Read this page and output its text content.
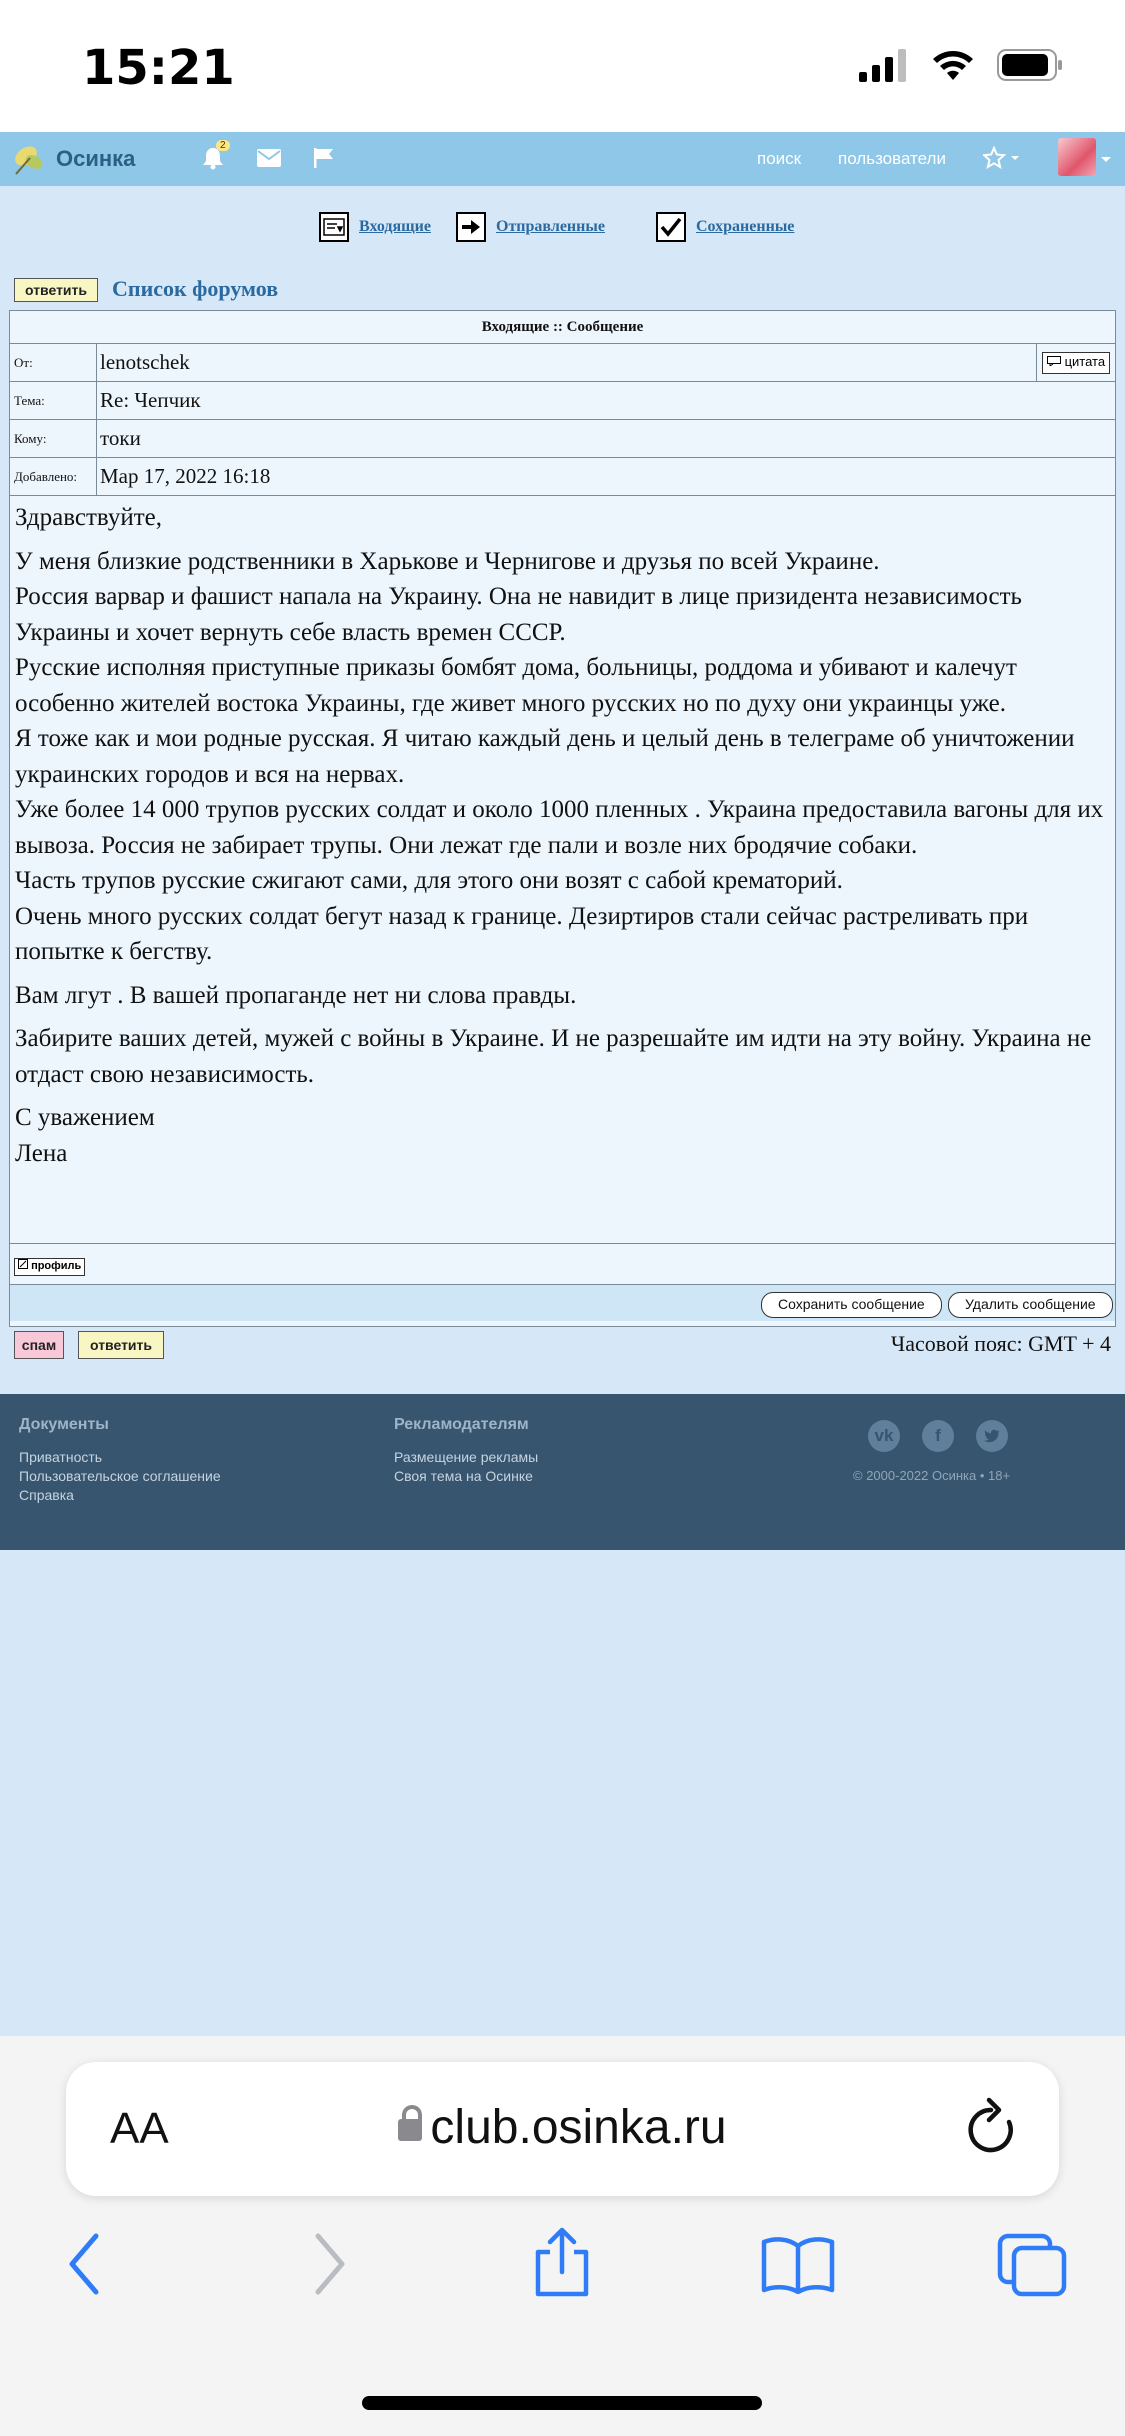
15:21
Осинка
2
поиск пользователи
Входящие	Отправленные	Сохраненные
ответить	Список форумов
Входящие :: Сообщение
От:	lenotschek	цитата
Тема:	Re: Чепчик
Кому:	токи
Добавлено:	Мар 17, 2022 16:18

Здравствуйте,

У меня близкие родственники в Харькове и Чернигове и друзья по всей Украине.

Россия варвар и фашист напала на Украину. Она не навидит в лице призидента независимость Украины и хочет вернуть себе власть времен СССР.

Русские исполняя приступные приказы бомбят дома, больницы, роддома и убивают и калечут особенно жителей востока Украины, где живет много русских но по духу они украинцы уже.

Я тоже как и мои родные русская. Я читаю каждый день и целый день в телеграме об уничтожении украинских городов и вся на нервах.

Уже более 14 000 трупов русских солдат и около 1000 пленных . Украина предоставила вагоны для их вывоза. Россия не забирает трупы. Они лежат где пали и возле них бродячие собаки.

Часть трупов русские сжигают сами, для этого они возят с сабой крематорий.

Очень много русских солдат бегут назад к границе. Дезиртиров стали сейчас растреливать при попытке к бегству.

Вам лгут . В вашей пропаганде нет ни слова правды.

Забирите ваших детей, мужей с войны в Украине. И не разрешайте им идти на эту войну. Украина не отдаст свою независимость.

С уважением

Лена

профиль
Сохранить сообщение	Удалить сообщение
спам	ответить	Часовой пояс: GMT + 4
Документы
Приватность
Пользовательское соглашение
Справка
Рекламодателям
Размещение рекламы
Своя тема на Осинке
vk	f
© 2000-2022 Осинка • 18+
AA	club.osinka.ru
